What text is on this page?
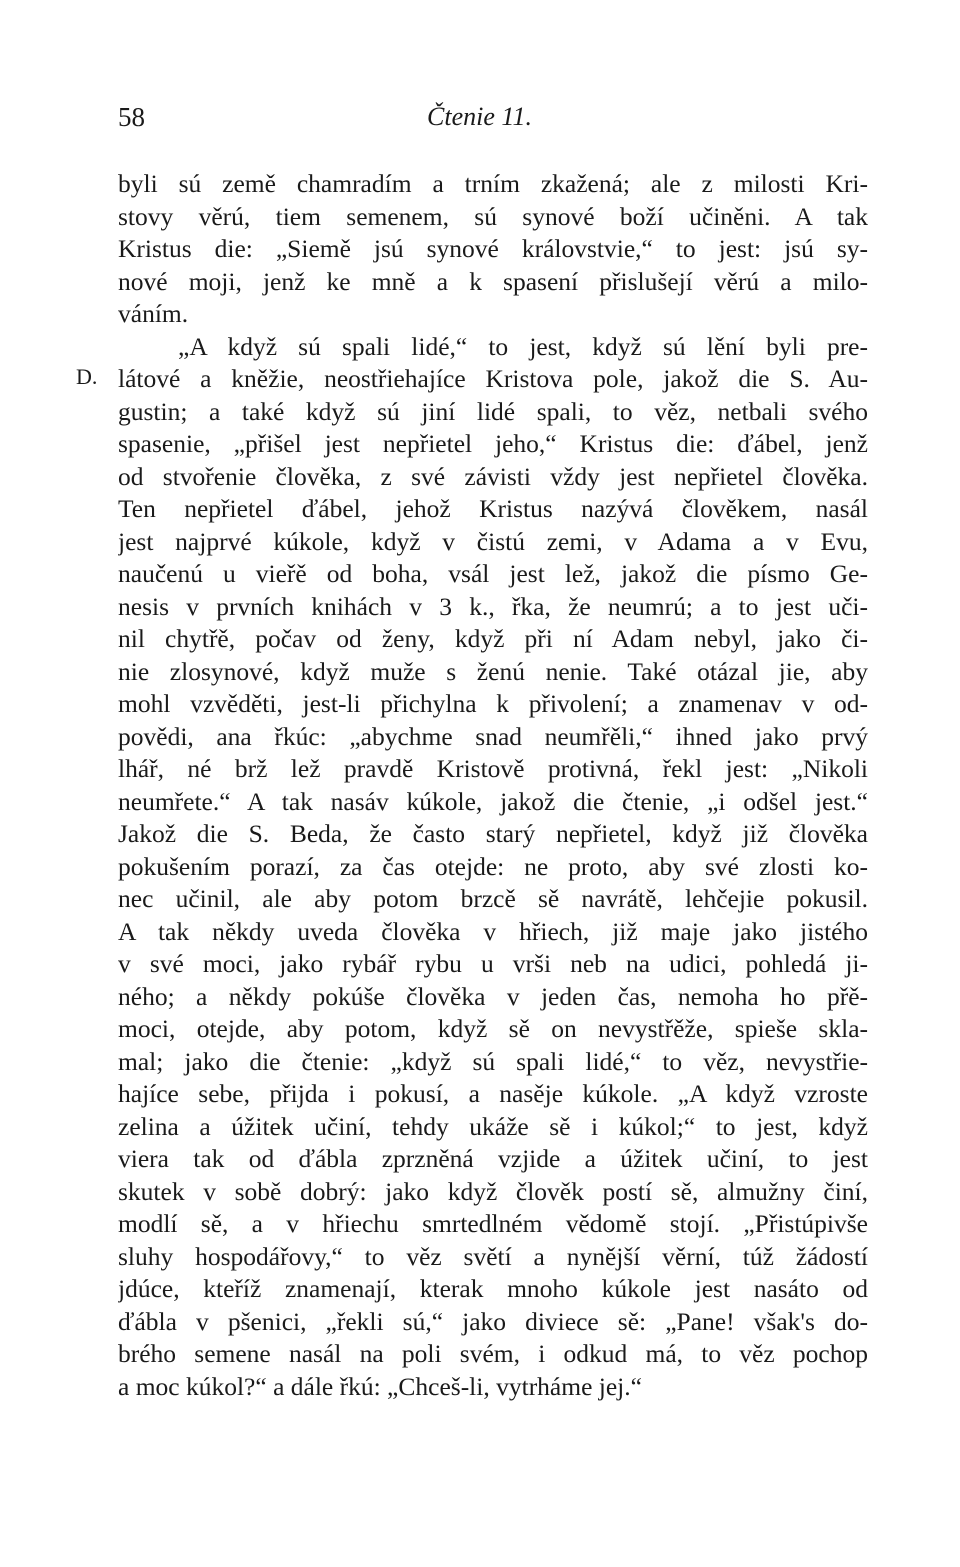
58	Čtenie 11.
D.
byli sú země chamradím a trním zkažená; ale z milosti Kri-
stovy věrú, tiem semenem, sú synové boží učiněni. A tak
Kristus die: „Siemě jsú synové královstvie,“ to jest: jsú sy-
nové moji, jenž ke mně a k spasení přislušejí věrú a milo-
váním.
„A když sú spali lidé,“ to jest, když sú lění byli pre-
látové a kněžie, neostřiehajíce Kristova pole, jakož die S. Au-
gustin; a také když sú jiní lidé spali, to věz, netbali svého
spasenie, „přišel jest nepřietel jeho,“ Kristus die: ďábel, jenž
od stvořenie člověka, z své závisti vždy jest nepřietel člověka.
Ten nepřietel ďábel, jehož Kristus nazývá člověkem, nasál
jest najprvé kúkole, když v čistú zemi, v Adama a v Evu,
naučenú u vieřě od boha, vsál jest lež, jakož die písmo Ge-
nesis v prvních knihách v 3 k., řka, že neumrú; a to jest uči-
nil chytřě, počav od ženy, když při ní Adam nebyl, jako či-
nie zlosynové, když muže s ženú nenie. Také otázal jie, aby
mohl vzvěděti, jest-li přichylna k přivolení; a znamenav v od-
povědi, ana řkúc: „abychme snad neumřěli,“ ihned jako prvý
lhář, né brž lež pravdě Kristově protivná, řekl jest: „Nikoli
neumřete.“ A tak nasáv kúkole, jakož die čtenie, „i odšel jest.“
Jakož die S. Beda, že často starý nepřietel, když již člověka
pokušením porazí, za čas otejde: ne proto, aby své zlosti ko-
nec učinil, ale aby potom brzcě sě navrátě, lehčejie pokusil.
A tak někdy uveda člověka v hřiech, již maje jako jistého
v své moci, jako rybář rybu u vrši neb na udici, pohledá ji-
ného; a někdy pokúše člověka v jeden čas, nemoha ho přě-
moci, otejde, aby potom, když sě on nevystřěže, spieše skla-
mal; jako die čtenie: „když sú spali lidé,“ to věz, nevystřie-
hajíce sebe, přijda i pokusí, a nasěje kúkole. „A když vzroste
zelina a úžitek učiní, tehdy ukáže sě i kúkol;“ to jest, když
viera tak od ďábla zprzněná vzjide a úžitek učiní, to jest
skutek v sobě dobrý: jako když člověk postí sě, almužny činí,
modlí sě, a v hřiechu smrtedlném vědomě stojí. „Přistúpivše
sluhy hospodářovy,“ to věz světí a nynější věrní, túž žádostí
jdúce, kteříž znamenají, kterak mnoho kúkole jest nasáto od
ďábla v pšenici, „řekli sú,“ jako diviece sě: „Pane! však's do-
brého semene nasál na poli svém, i odkud má, to věz pochop
a moc kúkol?“ a dále řkú: „Chceš-li, vytrháme jej.“
